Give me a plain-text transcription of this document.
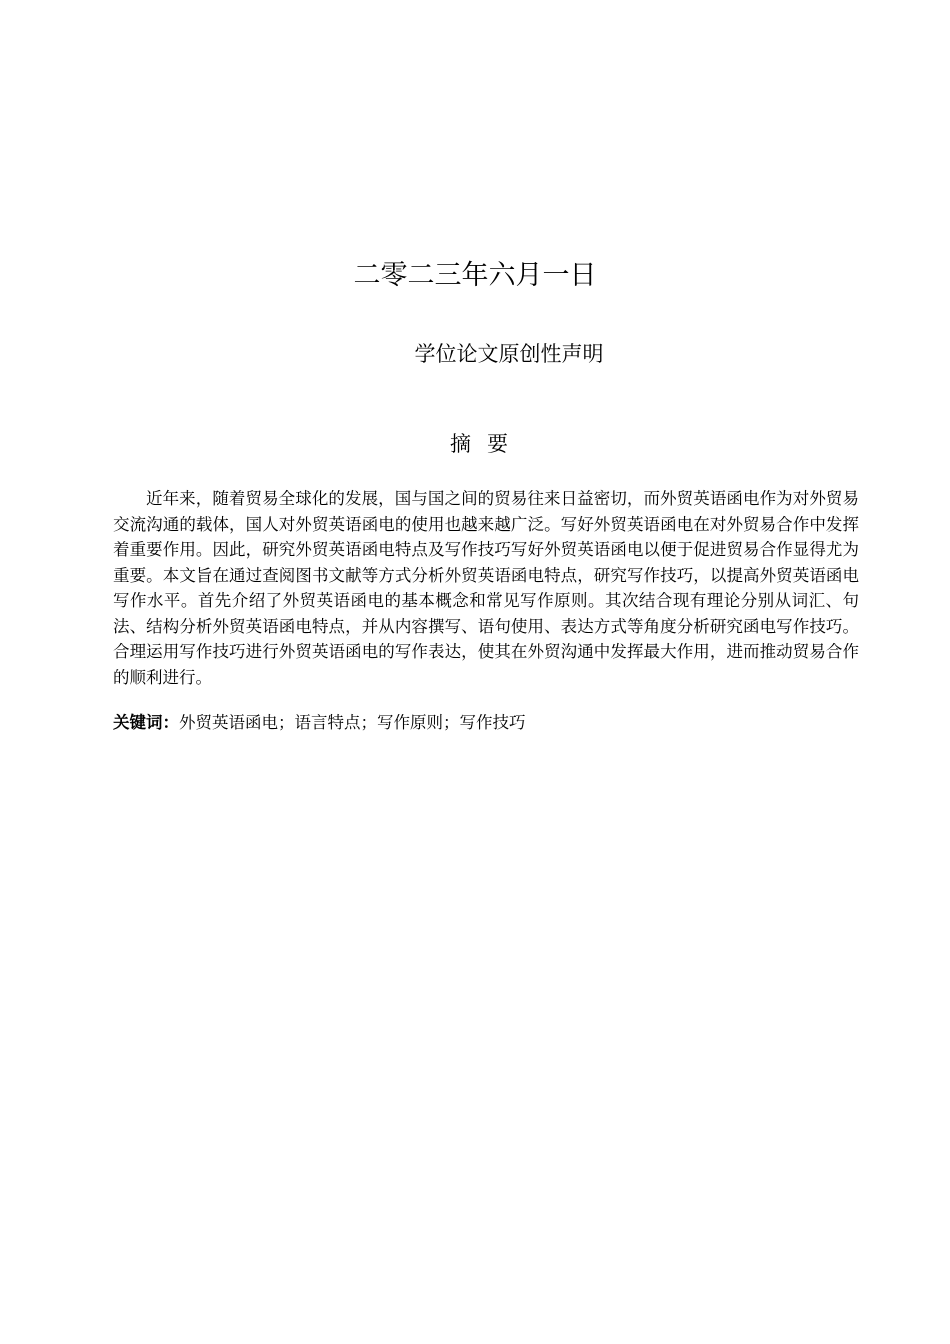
二零二三年六月一日
学位论文原创性声明
摘要

近年来，随着贸易全球化的发展，国与国之间的贸易往来日益密切，而外贸英语函电作为对外贸易交流沟通的载体，国人对外贸英语函电的使用也越来越广泛。写好外贸英语函电在对外贸易合作中发挥着重要作用。因此，研究外贸英语函电特点及写作技巧写好外贸英语函电以便于促进贸易合作显得尤为重要。本文旨在通过查阅图书文献等方式分析外贸英语函电特点，研究写作技巧，以提高外贸英语函电写作水平。首先介绍了外贸英语函电的基本概念和常见写作原则。其次结合现有理论分别从词汇、句法、结构分析外贸英语函电特点，并从内容撰写、语句使用、表达方式等角度分析研究函电写作技巧。合理运用写作技巧进行外贸英语函电的写作表达，使其在外贸沟通中发挥最大作用，进而推动贸易合作的顺利进行。

关键词：外贸英语函电；语言特点；写作原则；写作技巧
